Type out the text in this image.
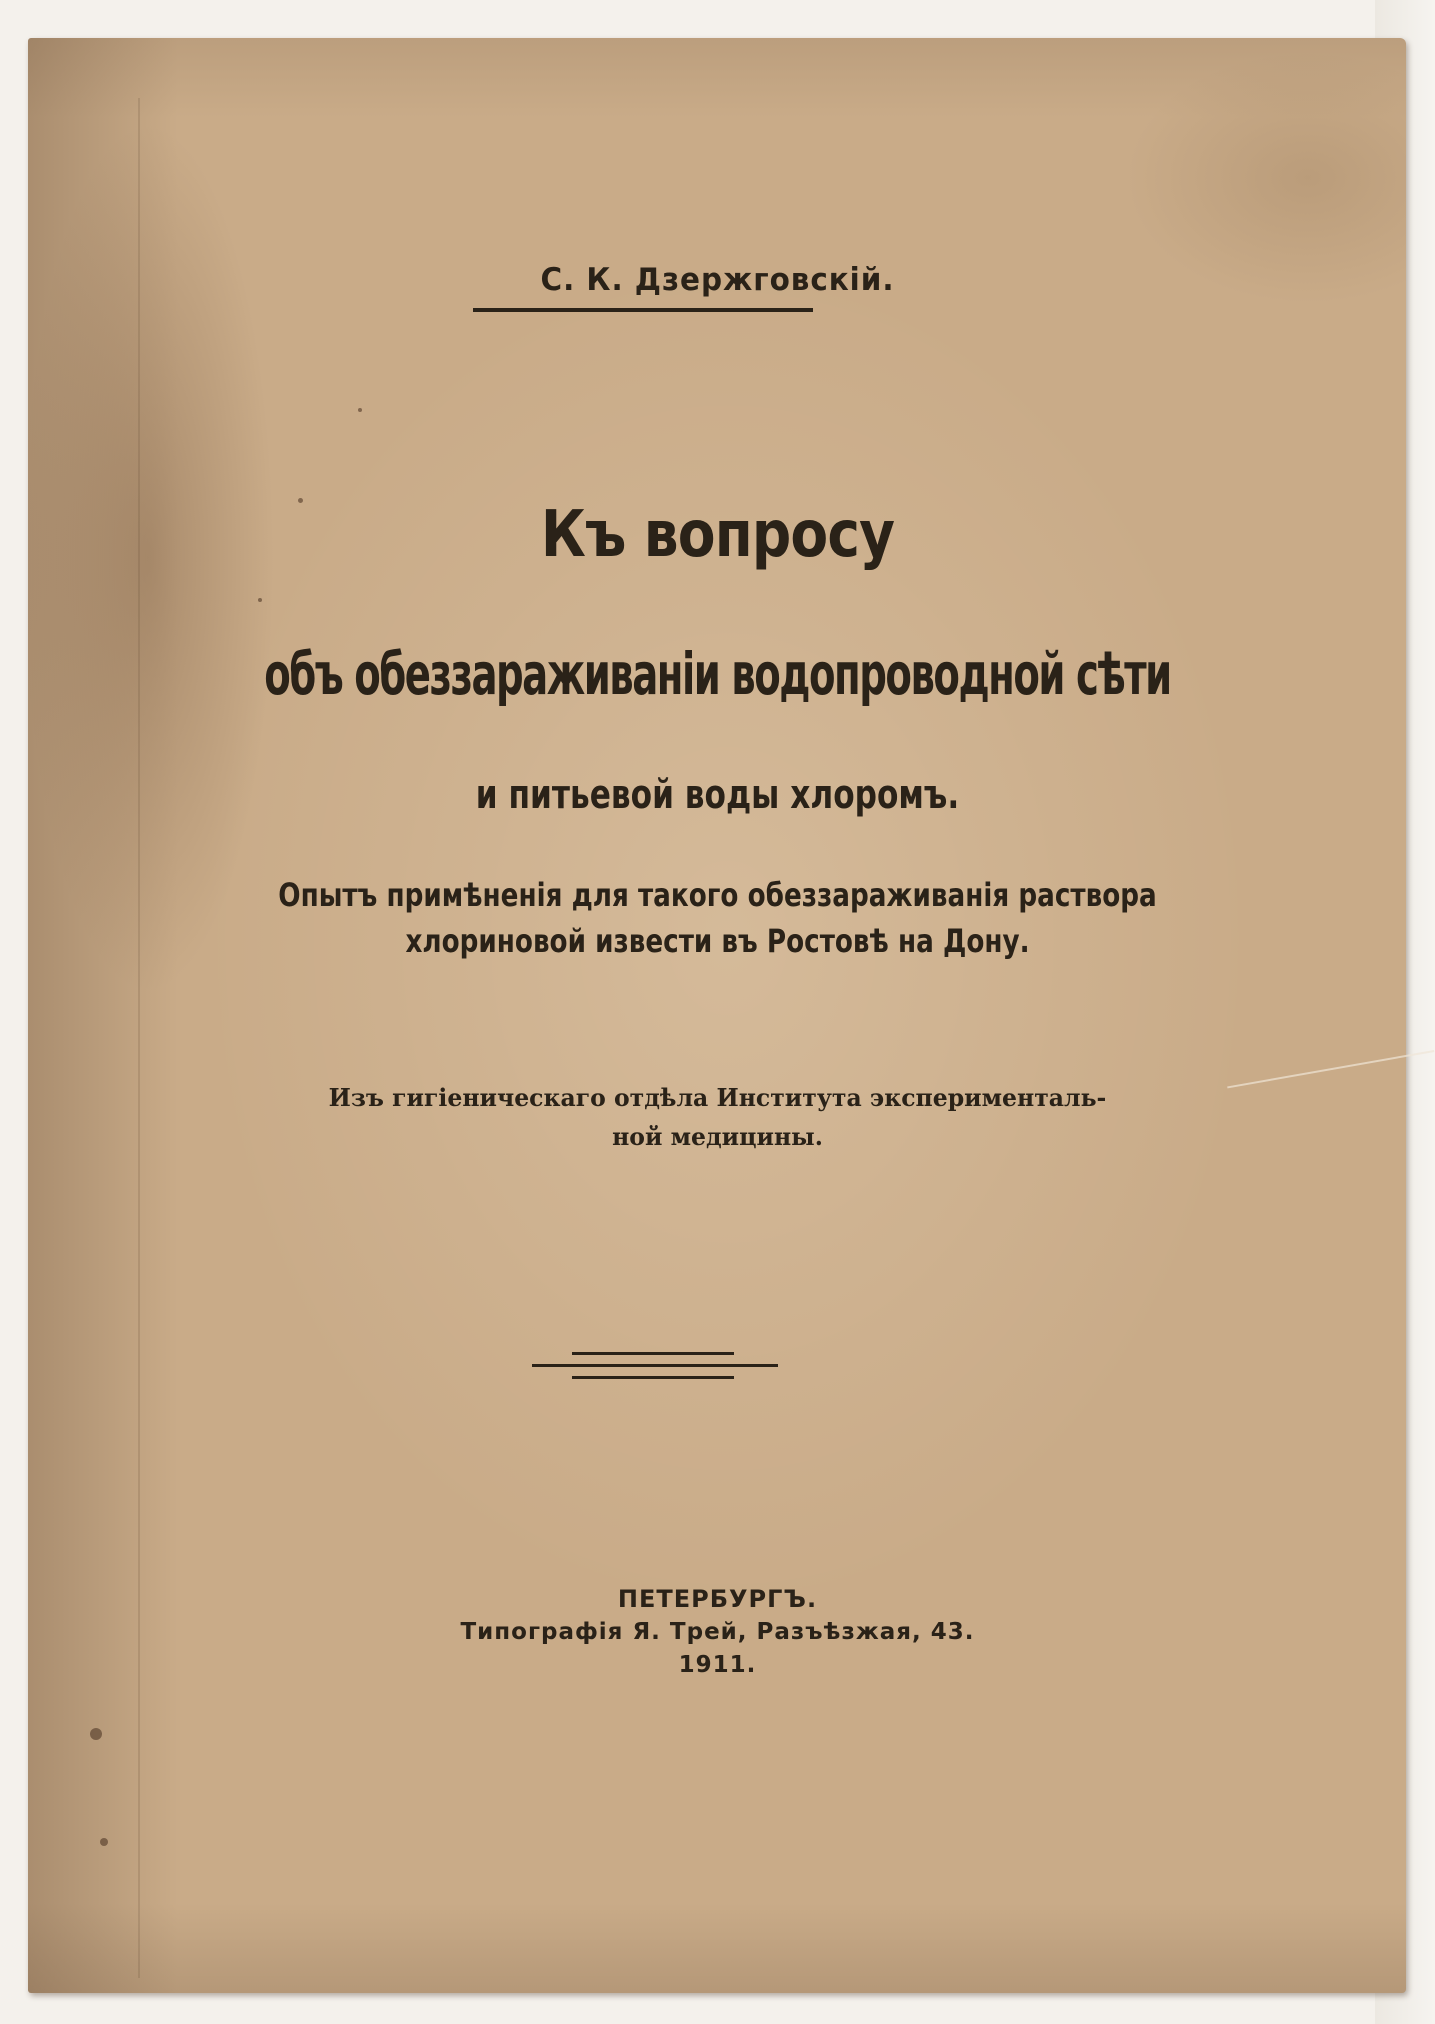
С. К. Дзержговскій.
Къ вопросу
объ обеззараживаніи водопроводной сѣти
и питьевой воды хлоромъ.
Опытъ примѣненія для такого обеззараживанія раствора
хлориновой извести въ Ростовѣ на Дону.
Изъ гигіеническаго отдѣла Института эксперименталь-
ной медицины.
ПЕТЕРБУРГЪ.
Типографія Я. Трей, Разъѣзжая, 43.
1911.
